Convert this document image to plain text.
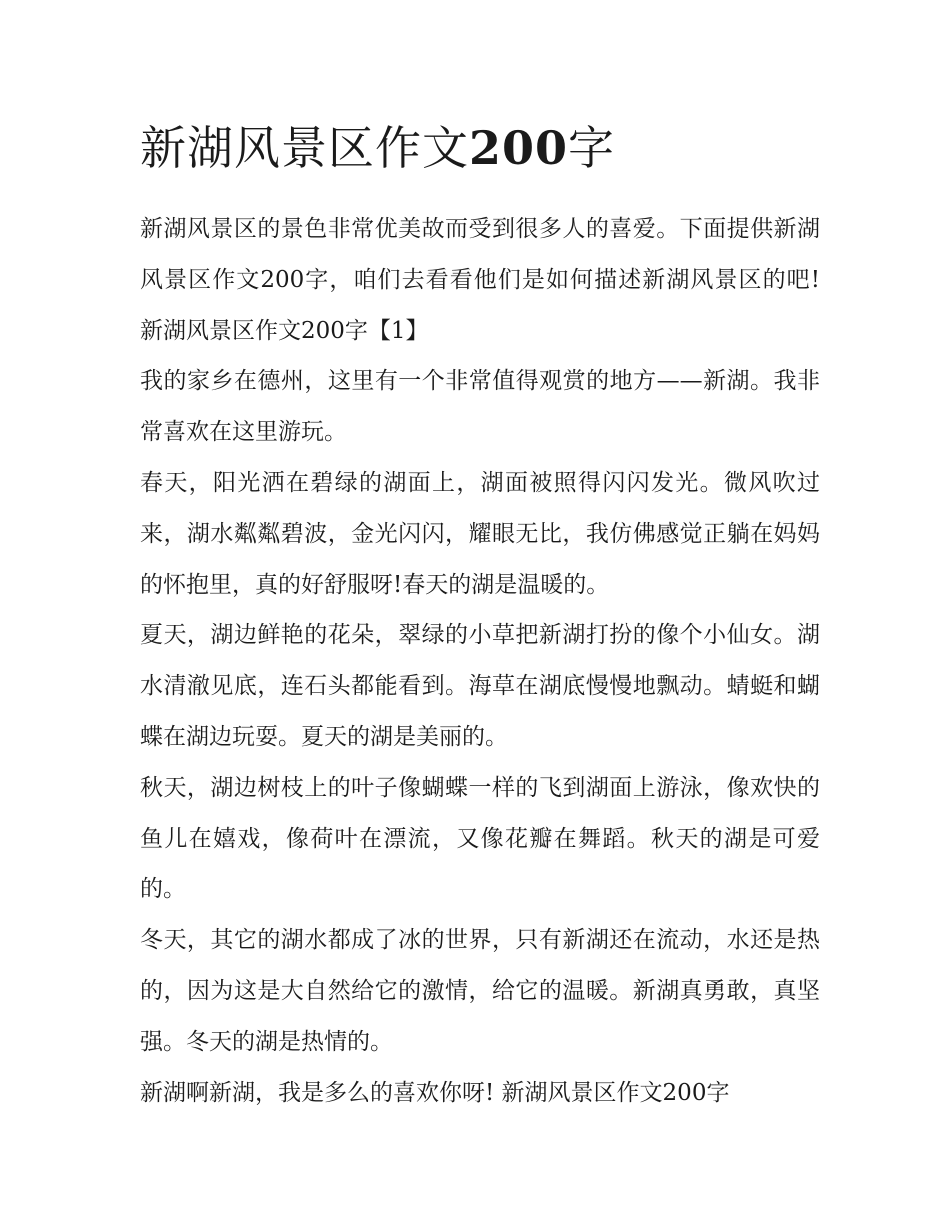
新湖风景区作文200字

新湖风景区的景色非常优美故而受到很多人的喜爱。下面提供新湖风景区作文200字，咱们去看看他们是如何描述新湖风景区的吧! 新湖风景区作文200字【1】

我的家乡在德州，这里有一个非常值得观赏的地方——新湖。我非常喜欢在这里游玩。

春天，阳光洒在碧绿的湖面上，湖面被照得闪闪发光。微风吹过来，湖水粼粼碧波，金光闪闪，耀眼无比，我仿佛感觉正躺在妈妈的怀抱里，真的好舒服呀!春天的湖是温暖的。

夏天，湖边鲜艳的花朵，翠绿的小草把新湖打扮的像个小仙女。湖水清澈见底，连石头都能看到。海草在湖底慢慢地飘动。蜻蜓和蝴蝶在湖边玩耍。夏天的湖是美丽的。

秋天，湖边树枝上的叶子像蝴蝶一样的飞到湖面上游泳，像欢快的鱼儿在嬉戏，像荷叶在漂流，又像花瓣在舞蹈。秋天的湖是可爱的。

冬天，其它的湖水都成了冰的世界，只有新湖还在流动，水还是热的，因为这是大自然给它的激情，给它的温暖。新湖真勇敢，真坚强。冬天的湖是热情的。

新湖啊新湖，我是多么的喜欢你呀! 新湖风景区作文200字
